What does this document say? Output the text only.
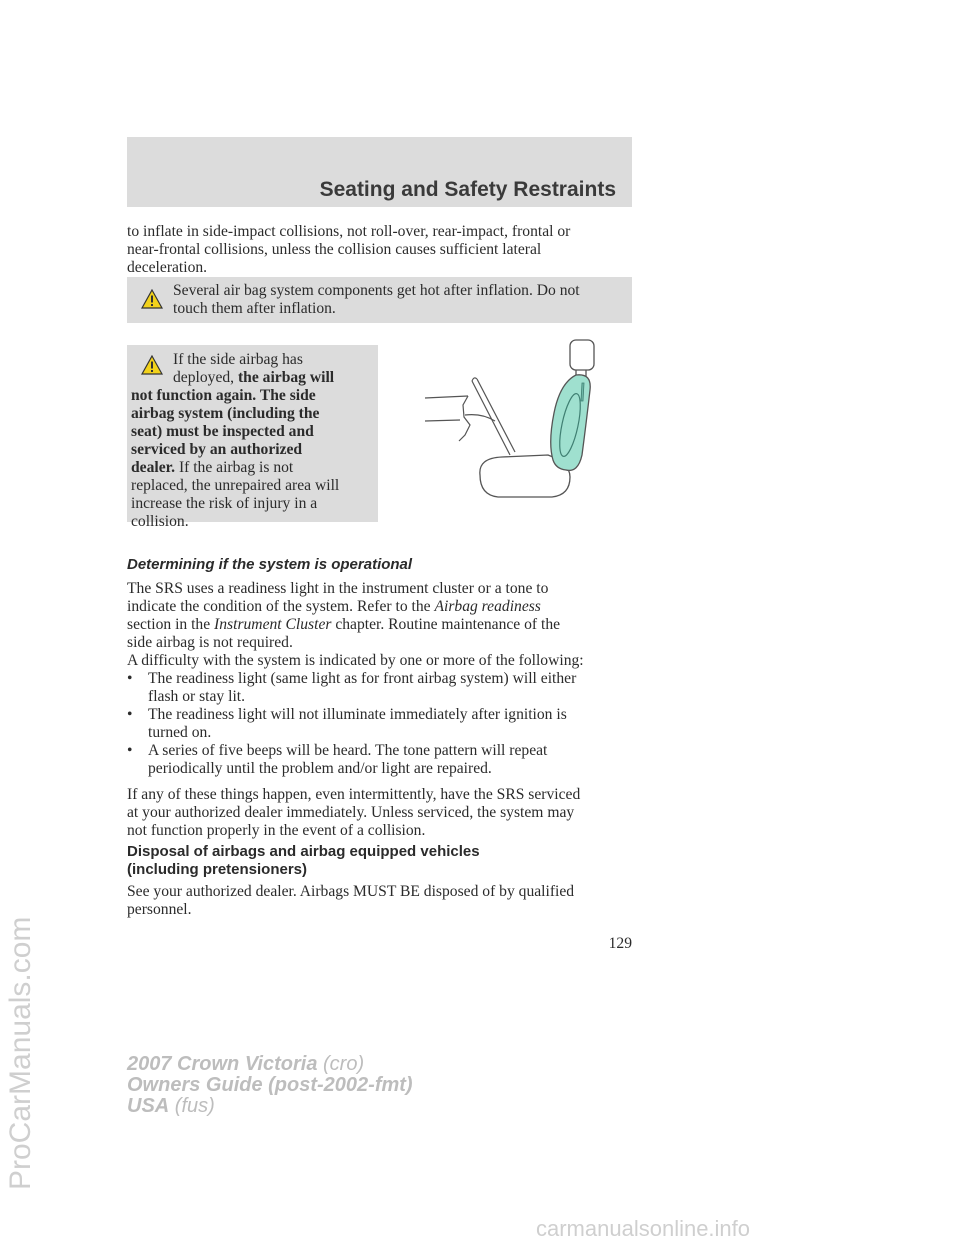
Seating and Safety Restraints

to inflate in side-impact collisions, not roll-over, rear-impact, frontal or

near-frontal collisions, unless the collision causes sufficient lateral

deceleration.

Several air bag system components get hot after inflation. Do not

touch them after inflation.

If the side airbag has

deployed, the airbag will

not function again. The side

airbag system (including the

seat) must be inspected and

serviced by an authorized

dealer. If the airbag is not

replaced, the unrepaired area will

increase the risk of injury in a

collision.

Determining if the system is operational

The SRS uses a readiness light in the instrument cluster or a tone to

indicate the condition of the system. Refer to the Airbag readiness

section in the Instrument Cluster chapter. Routine maintenance of the

side airbag is not required.

A difficulty with the system is indicated by one or more of the following:
• The readiness light (same light as for front airbag system) will either

flash or stay lit.

• The readiness light will not illuminate immediately after ignition is

turned on.

• A series of five beeps will be heard. The tone pattern will repeat

periodically until the problem and/or light are repaired.

If any of these things happen, even intermittently, have the SRS serviced

at your authorized dealer immediately. Unless serviced, the system may

not function properly in the event of a collision.

Disposal of airbags and airbag equipped vehicles

(including pretensioners)

See your authorized dealer. Airbags MUST BE disposed of by qualified

personnel.

129

2007 Crown Victoria (cro)

Owners Guide (post-2002-fmt)

USA (fus)

ProCarManuals.com
carmanualsonline.info
